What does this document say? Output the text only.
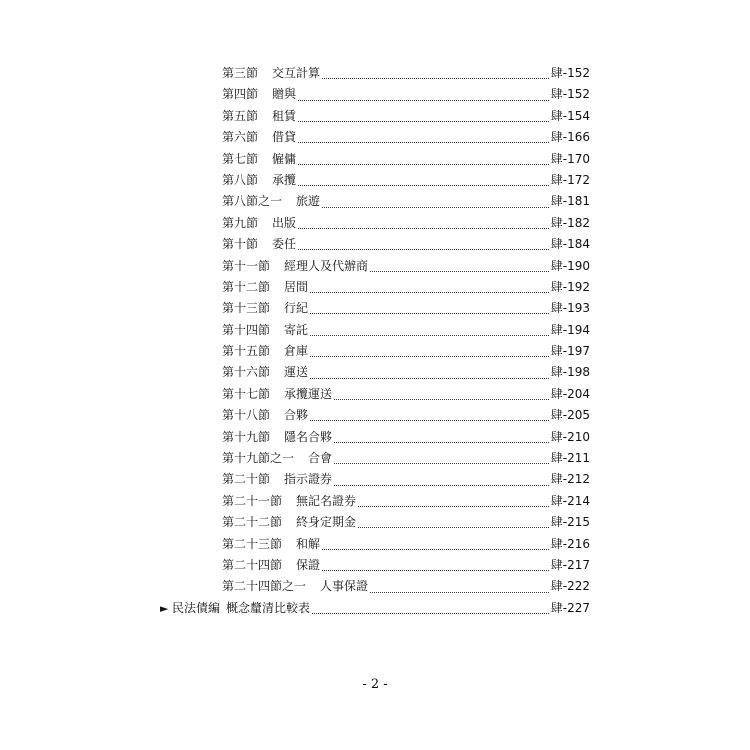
第三節 交互計算	肆-152
第四節 贈與	肆-152
第五節 租賃	肆-154
第六節 借貸	肆-166
第七節 僱傭	肆-170
第八節 承攬	肆-172
第八節之一 旅遊	肆-181
第九節 出版	肆-182
第十節 委任	肆-184
第十一節 經理人及代辦商	肆-190
第十二節 居間	肆-192
第十三節 行紀	肆-193
第十四節 寄託	肆-194
第十五節 倉庫	肆-197
第十六節 運送	肆-198
第十七節 承攬運送	肆-204
第十八節 合夥	肆-205
第十九節 隱名合夥	肆-210
第十九節之一 合會	肆-211
第二十節 指示證券	肆-212
第二十一節 無記名證券	肆-214
第二十二節 終身定期金	肆-215
第二十三節 和解	肆-216
第二十四節 保證	肆-217
第二十四節之一 人事保證	肆-222
► 民法債編 概念釐清比較表	肆-227
- 2 -
